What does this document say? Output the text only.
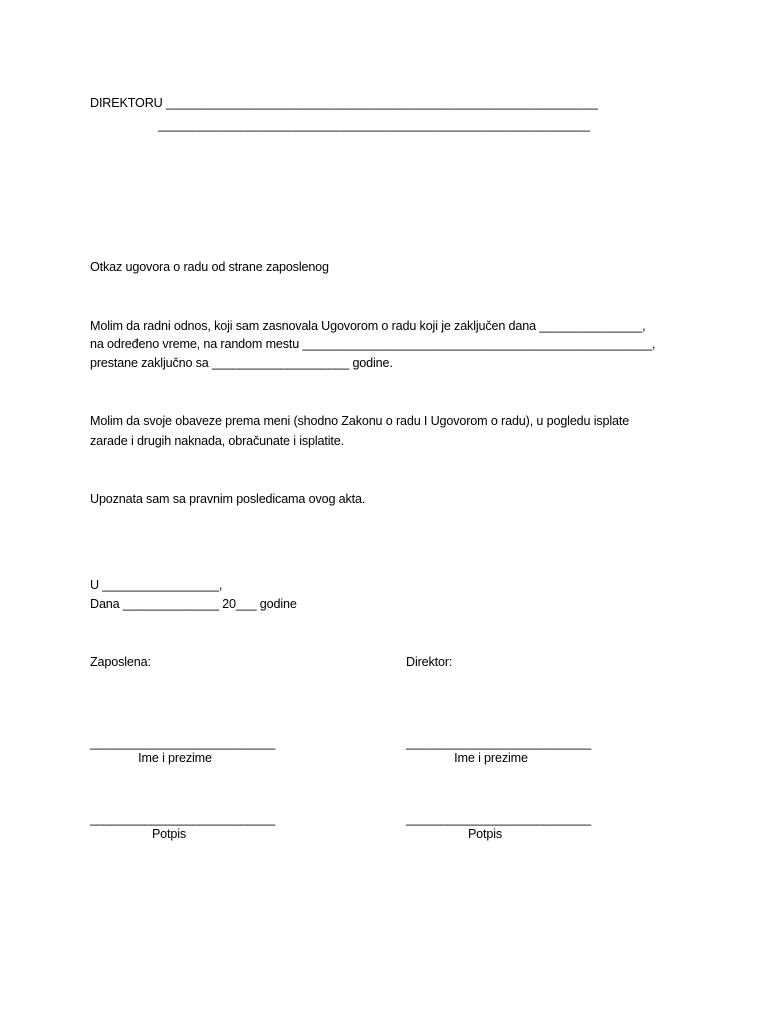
DIREKTORU _______________________________________________________________
_______________________________________________________________
Otkaz ugovora o radu od strane zaposlenog
Molim da radni odnos, koji sam zasnovala Ugovorom o radu koji je zaključen dana _______________,
na određeno vreme, na random mestu ___________________________________________________,
prestane zaključno sa ____________________ godine.
Molim da svoje obaveze prema meni (shodno Zakonu o radu I Ugovorom o radu), u pogledu isplate
zarade i drugih naknada, obračunate i isplatite.
Upoznata sam sa pravnim posledicama ovog akta.
U _________________,
Dana ______________ 20___ godine
Zaposlena:	Direktor:
___________________________
Ime i prezime
___________________________
Ime i prezime
___________________________
Potpis
___________________________
Potpis
